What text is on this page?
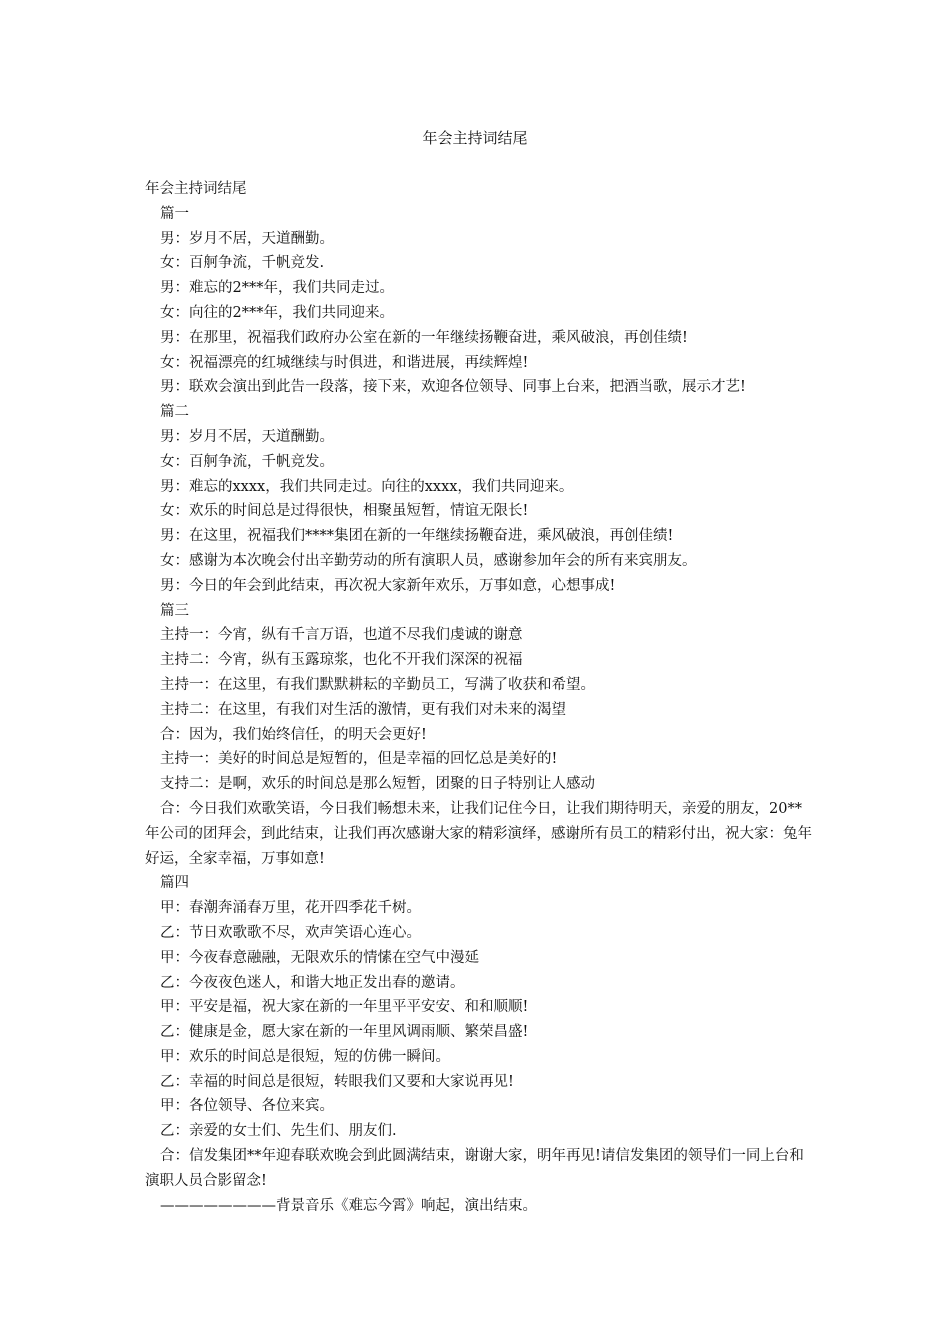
年会主持词结尾

年会主持词结尾

篇一

男：岁月不居，天道酬勤。

女：百舸争流，千帆竞发.

男：难忘的2***年，我们共同走过。

女：向往的2***年，我们共同迎来。

男：在那里，祝福我们政府办公室在新的一年继续扬鞭奋进，乘风破浪，再创佳绩!

女：祝福漂亮的红城继续与时俱进，和谐进展，再续辉煌!

男：联欢会演出到此告一段落，接下来，欢迎各位领导、同事上台来，把酒当歌，展示才艺!

篇二

男：岁月不居，天道酬勤。

女：百舸争流，千帆竞发。

男：难忘的xxxx，我们共同走过。向往的xxxx，我们共同迎来。

女：欢乐的时间总是过得很快，相聚虽短暂，情谊无限长!

男：在这里，祝福我们****集团在新的一年继续扬鞭奋进，乘风破浪，再创佳绩!

女：感谢为本次晚会付出辛勤劳动的所有演职人员，感谢参加年会的所有来宾朋友。

男：今日的年会到此结束，再次祝大家新年欢乐，万事如意，心想事成!

篇三

主持一：今宵，纵有千言万语，也道不尽我们虔诚的谢意

主持二：今宵，纵有玉露琼浆，也化不开我们深深的祝福

主持一：在这里，有我们默默耕耘的辛勤员工，写满了收获和希望。

主持二：在这里，有我们对生活的激情，更有我们对未来的渴望

合：因为，我们始终信任，的明天会更好!

主持一：美好的时间总是短暂的，但是幸福的回忆总是美好的!

支持二：是啊，欢乐的时间总是那么短暂，团聚的日子特别让人感动

合：今日我们欢歌笑语，今日我们畅想未来，让我们记住今日，让我们期待明天，亲爱的朋友，20**年公司的团拜会，到此结束，让我们再次感谢大家的精彩演绎，感谢所有员工的精彩付出，祝大家：兔年好运，全家幸福，万事如意!

篇四

甲：春潮奔涌春万里，花开四季花千树。

乙：节日欢歌歌不尽，欢声笑语心连心。

甲：今夜春意融融，无限欢乐的情愫在空气中漫延

乙：今夜夜色迷人，和谐大地正发出春的邀请。

甲：平安是福，祝大家在新的一年里平平安安、和和顺顺!

乙：健康是金，愿大家在新的一年里风调雨顺、繁荣昌盛!

甲：欢乐的时间总是很短，短的仿佛一瞬间。

乙：幸福的时间总是很短，转眼我们又要和大家说再见!

甲：各位领导、各位来宾。

乙：亲爱的女士们、先生们、朋友们.

合：信发集团**年迎春联欢晚会到此圆满结束，谢谢大家，明年再见!请信发集团的领导们一同上台和演职人员合影留念!

————————背景音乐《难忘今霄》响起，演出结束。
